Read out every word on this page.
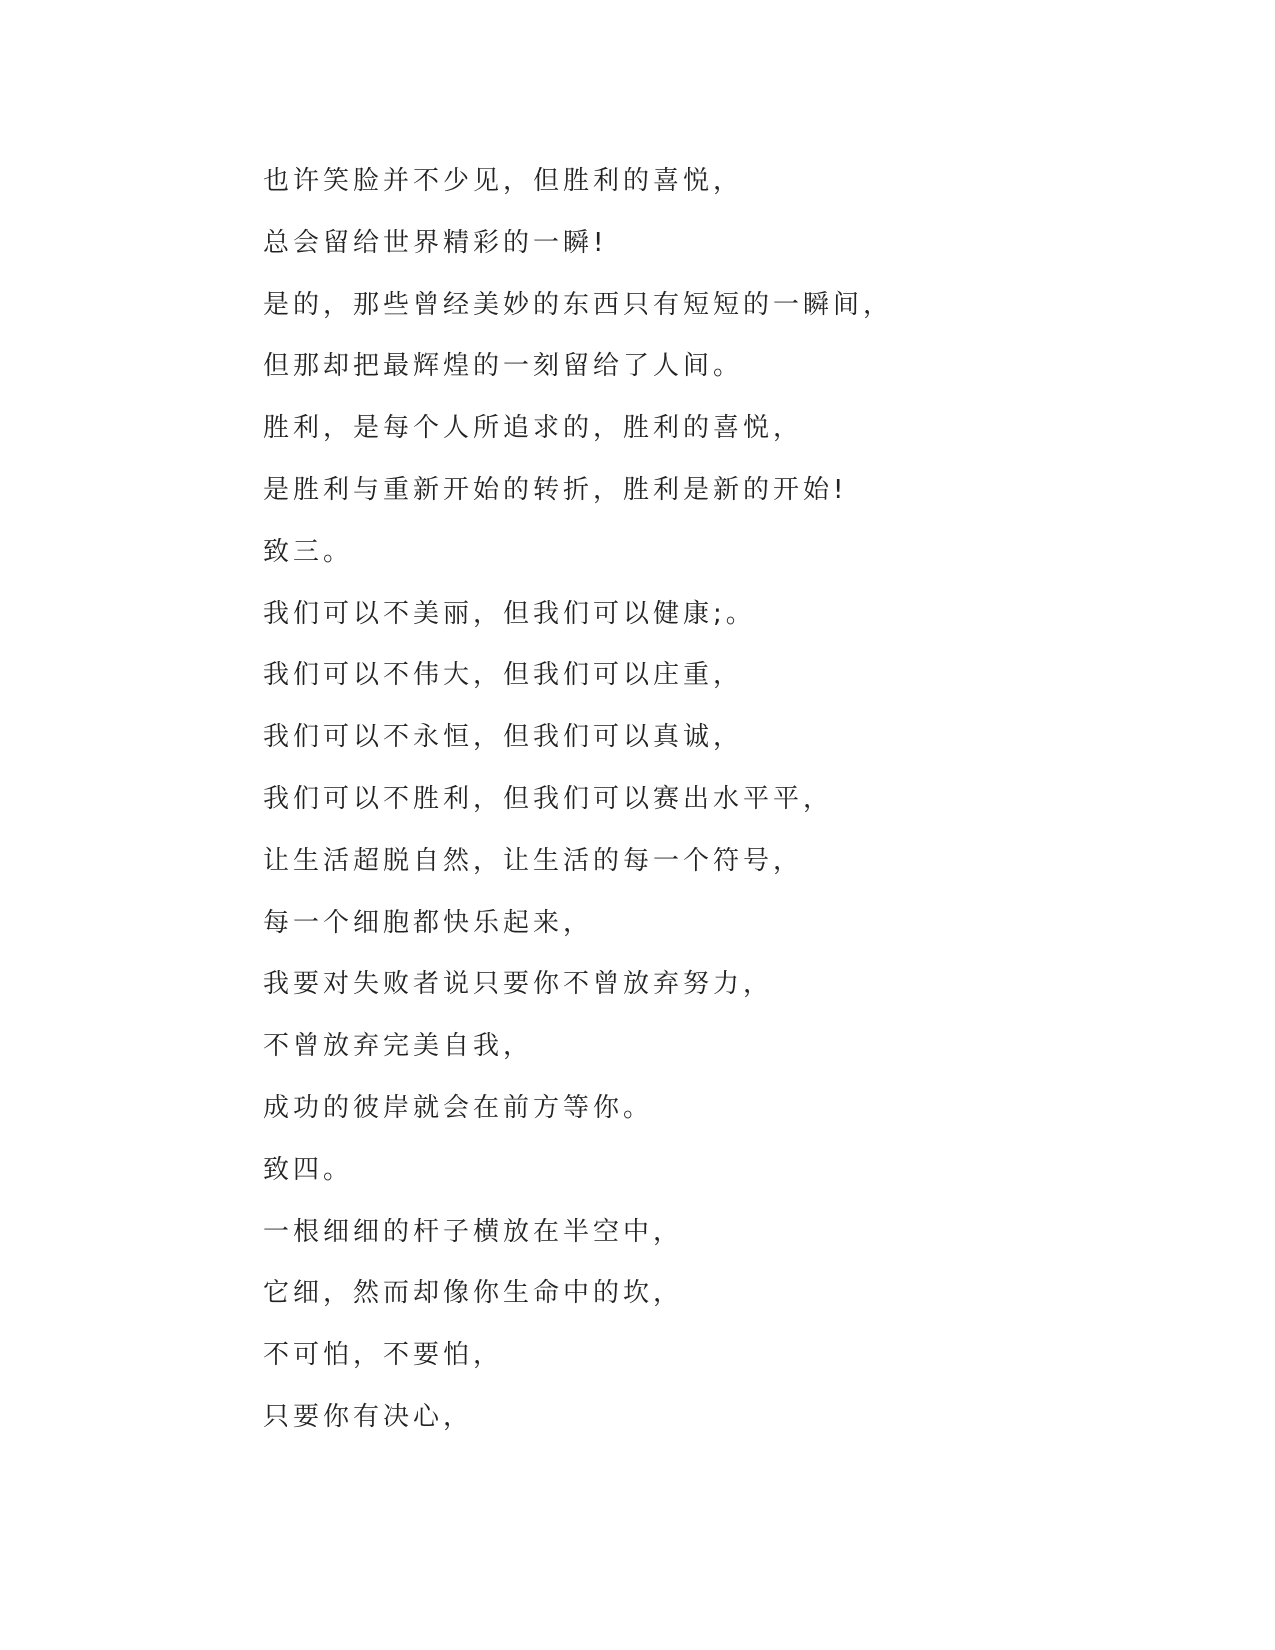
也许笑脸并不少见，但胜利的喜悦，
总会留给世界精彩的一瞬!
是的，那些曾经美妙的东西只有短短的一瞬间，
但那却把最辉煌的一刻留给了人间。
胜利，是每个人所追求的，胜利的喜悦，
是胜利与重新开始的转折，胜利是新的开始!
致三。
我们可以不美丽，但我们可以健康;。
我们可以不伟大，但我们可以庄重，
我们可以不永恒，但我们可以真诚，
我们可以不胜利，但我们可以赛出水平平，
让生活超脱自然，让生活的每一个符号，
每一个细胞都快乐起来，
我要对失败者说只要你不曾放弃努力，
不曾放弃完美自我，
成功的彼岸就会在前方等你。
致四。
一根细细的杆子横放在半空中，
它细，然而却像你生命中的坎，
不可怕，不要怕，
只要你有决心，
